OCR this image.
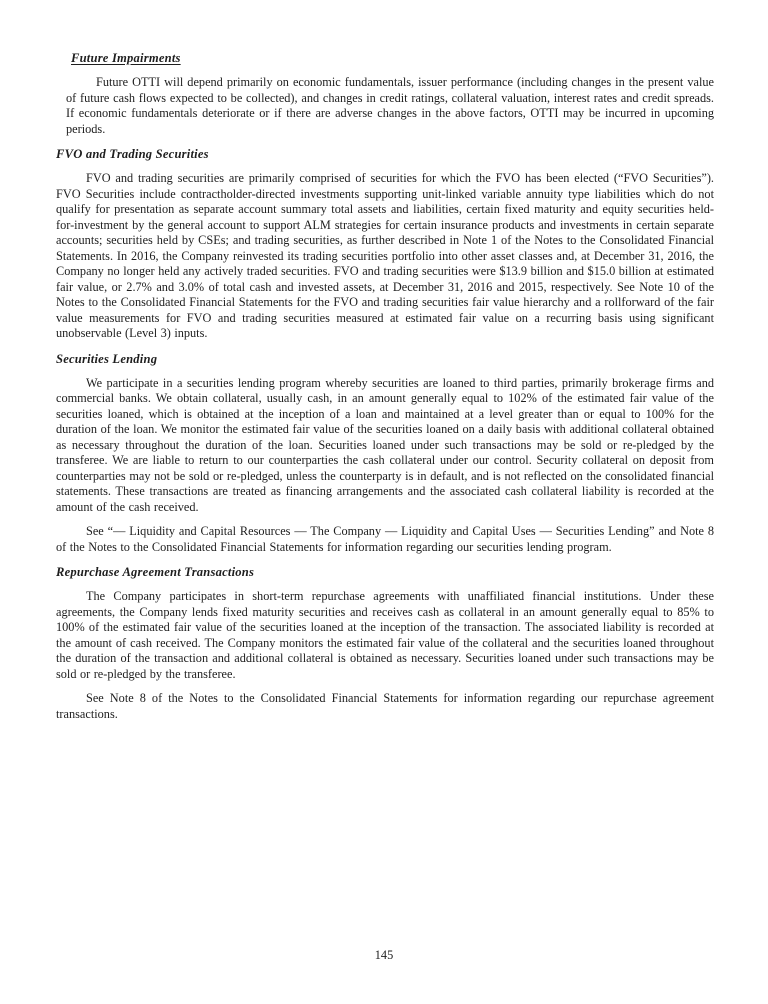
Future Impairments

Future OTTI will depend primarily on economic fundamentals, issuer performance (including changes in the present value of future cash flows expected to be collected), and changes in credit ratings, collateral valuation, interest rates and credit spreads. If economic fundamentals deteriorate or if there are adverse changes in the above factors, OTTI may be incurred in upcoming periods.

FVO and Trading Securities

FVO and trading securities are primarily comprised of securities for which the FVO has been elected (“FVO Securities”). FVO Securities include contractholder-directed investments supporting unit-linked variable annuity type liabilities which do not qualify for presentation as separate account summary total assets and liabilities, certain fixed maturity and equity securities held-for-investment by the general account to support ALM strategies for certain insurance products and investments in certain separate accounts; securities held by CSEs; and trading securities, as further described in Note 1 of the Notes to the Consolidated Financial Statements. In 2016, the Company reinvested its trading securities portfolio into other asset classes and, at December 31, 2016, the Company no longer held any actively traded securities. FVO and trading securities were $13.9 billion and $15.0 billion at estimated fair value, or 2.7% and 3.0% of total cash and invested assets, at December 31, 2016 and 2015, respectively. See Note 10 of the Notes to the Consolidated Financial Statements for the FVO and trading securities fair value hierarchy and a rollforward of the fair value measurements for FVO and trading securities measured at estimated fair value on a recurring basis using significant unobservable (Level 3) inputs.

Securities Lending

We participate in a securities lending program whereby securities are loaned to third parties, primarily brokerage firms and commercial banks. We obtain collateral, usually cash, in an amount generally equal to 102% of the estimated fair value of the securities loaned, which is obtained at the inception of a loan and maintained at a level greater than or equal to 100% for the duration of the loan. We monitor the estimated fair value of the securities loaned on a daily basis with additional collateral obtained as necessary throughout the duration of the loan. Securities loaned under such transactions may be sold or re-pledged by the transferee. We are liable to return to our counterparties the cash collateral under our control. Security collateral on deposit from counterparties may not be sold or re-pledged, unless the counterparty is in default, and is not reflected on the consolidated financial statements. These transactions are treated as financing arrangements and the associated cash collateral liability is recorded at the amount of the cash received.

See “— Liquidity and Capital Resources — The Company — Liquidity and Capital Uses — Securities Lending” and Note 8 of the Notes to the Consolidated Financial Statements for information regarding our securities lending program.

Repurchase Agreement Transactions

The Company participates in short-term repurchase agreements with unaffiliated financial institutions. Under these agreements, the Company lends fixed maturity securities and receives cash as collateral in an amount generally equal to 85% to 100% of the estimated fair value of the securities loaned at the inception of the transaction. The associated liability is recorded at the amount of cash received. The Company monitors the estimated fair value of the collateral and the securities loaned throughout the duration of the transaction and additional collateral is obtained as necessary. Securities loaned under such transactions may be sold or re-pledged by the transferee.

See Note 8 of the Notes to the Consolidated Financial Statements for information regarding our repurchase agreement transactions.

145
